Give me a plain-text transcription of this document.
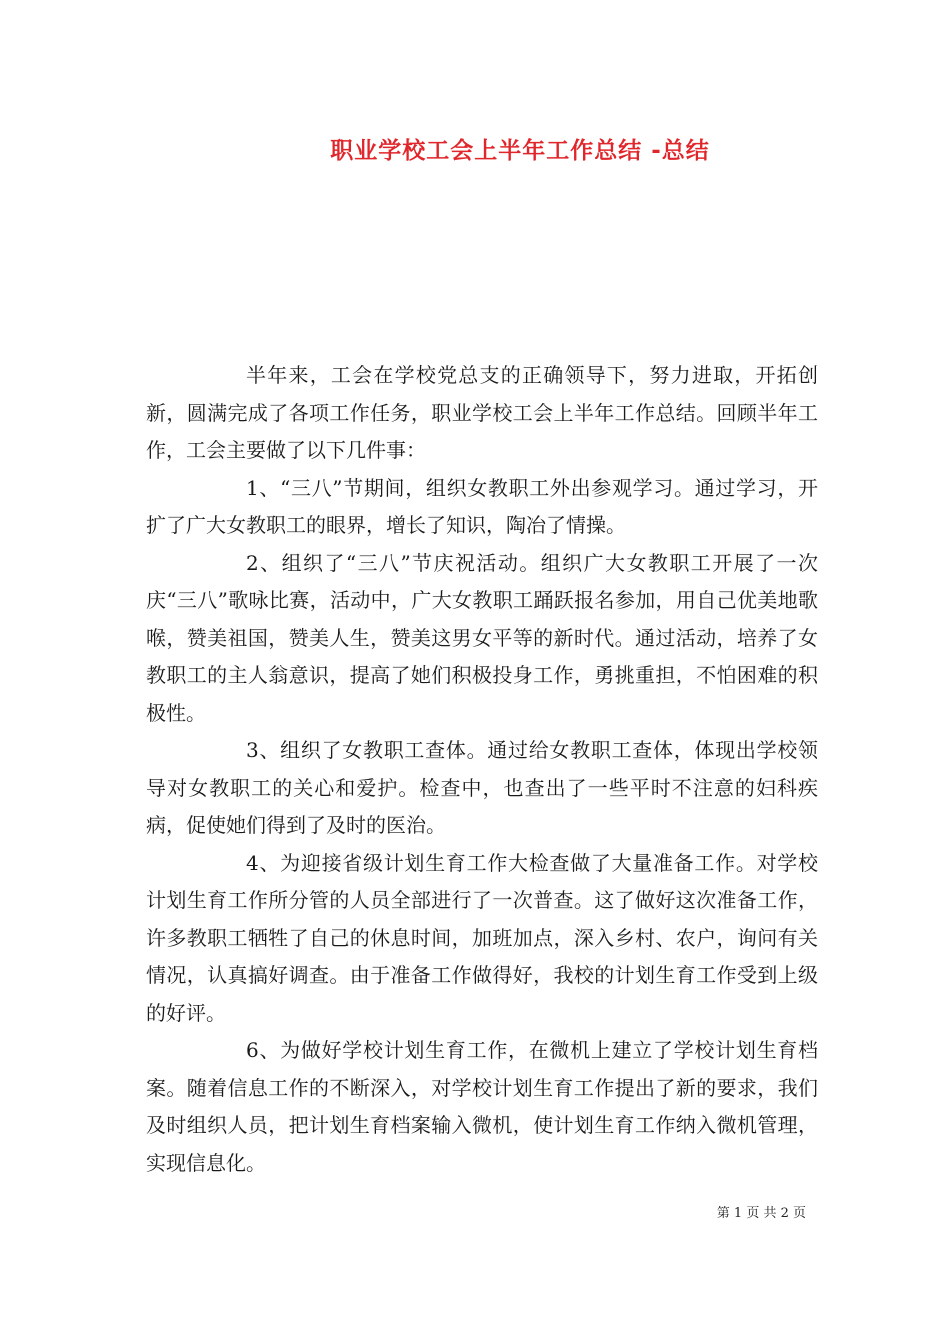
职业学校工会上半年工作总结 -总结

半年来，工会在学校党总支的正确领导下，努力进取，开拓创新，圆满完成了各项工作任务，职业学校工会上半年工作总结。回顾半年工作，工会主要做了以下几件事：

1、“三八”节期间，组织女教职工外出参观学习。通过学习，开扩了广大女教职工的眼界，增长了知识，陶冶了情操。

2、组织了“三八”节庆祝活动。组织广大女教职工开展了一次庆“三八”歌咏比赛，活动中，广大女教职工踊跃报名参加，用自己优美地歌喉，赞美祖国，赞美人生，赞美这男女平等的新时代。通过活动，培养了女教职工的主人翁意识，提高了她们积极投身工作，勇挑重担，不怕困难的积极性。

3、组织了女教职工查体。通过给女教职工查体，体现出学校领导对女教职工的关心和爱护。检查中，也查出了一些平时不注意的妇科疾病，促使她们得到了及时的医治。

4、为迎接省级计划生育工作大检查做了大量准备工作。对学校计划生育工作所分管的人员全部进行了一次普查。这了做好这次准备工作，许多教职工牺牲了自己的休息时间，加班加点，深入乡村、农户，询问有关情况，认真搞好调查。由于准备工作做得好，我校的计划生育工作受到上级的好评。

6、为做好学校计划生育工作，在微机上建立了学校计划生育档案。随着信息工作的不断深入，对学校计划生育工作提出了新的要求，我们及时组织人员，把计划生育档案输入微机，使计划生育工作纳入微机管理，实现信息化。

第 1 页 共 2 页
